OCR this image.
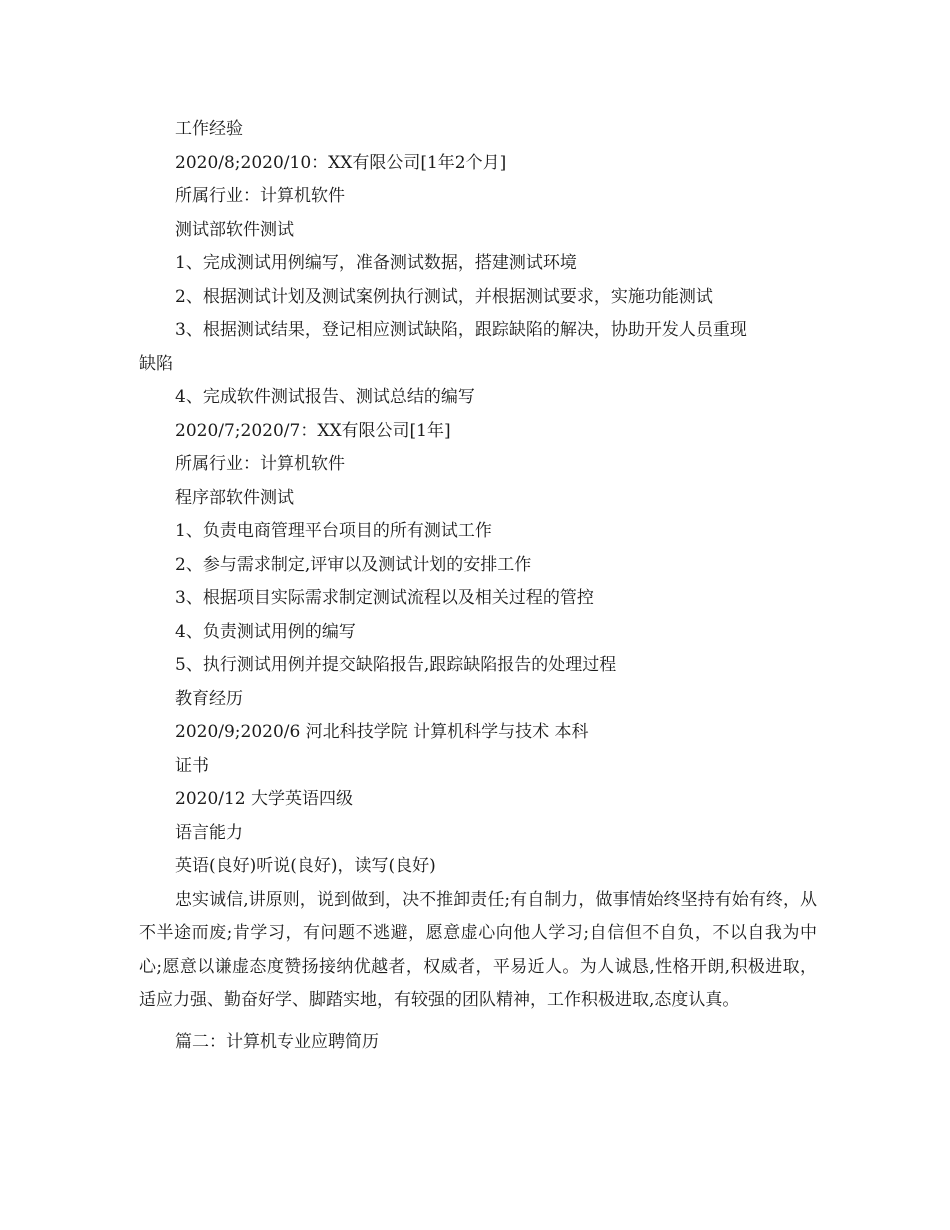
工作经验

2020/8;2020/10：XX有限公司[1年2个月]

所属行业：计算机软件

测试部软件测试

1、完成测试用例编写，准备测试数据，搭建测试环境

2、根据测试计划及测试案例执行测试，并根据测试要求，实施功能测试

3、根据测试结果，登记相应测试缺陷，跟踪缺陷的解决，协助开发人员重现

缺陷

4、完成软件测试报告、测试总结的编写

2020/7;2020/7：XX有限公司[1年]

所属行业：计算机软件

程序部软件测试

1、负责电商管理平台项目的所有测试工作

2、参与需求制定,评审以及测试计划的安排工作

3、根据项目实际需求制定测试流程以及相关过程的管控

4、负责测试用例的编写

5、执行测试用例并提交缺陷报告,跟踪缺陷报告的处理过程

教育经历

2020/9;2020/6 河北科技学院 计算机科学与技术 本科

证书

2020/12 大学英语四级

语言能力

英语(良好)听说(良好)，读写(良好)

忠实诚信,讲原则，说到做到，决不推卸责任;有自制力，做事情始终坚持有始有终，从不半途而废;肯学习，有问题不逃避，愿意虚心向他人学习;自信但不自负，不以自我为中心;愿意以谦虚态度赞扬接纳优越者，权威者，平易近人。为人诚恳,性格开朗,积极进取，适应力强、勤奋好学、脚踏实地，有较强的团队精神，工作积极进取,态度认真。

篇二：计算机专业应聘简历
